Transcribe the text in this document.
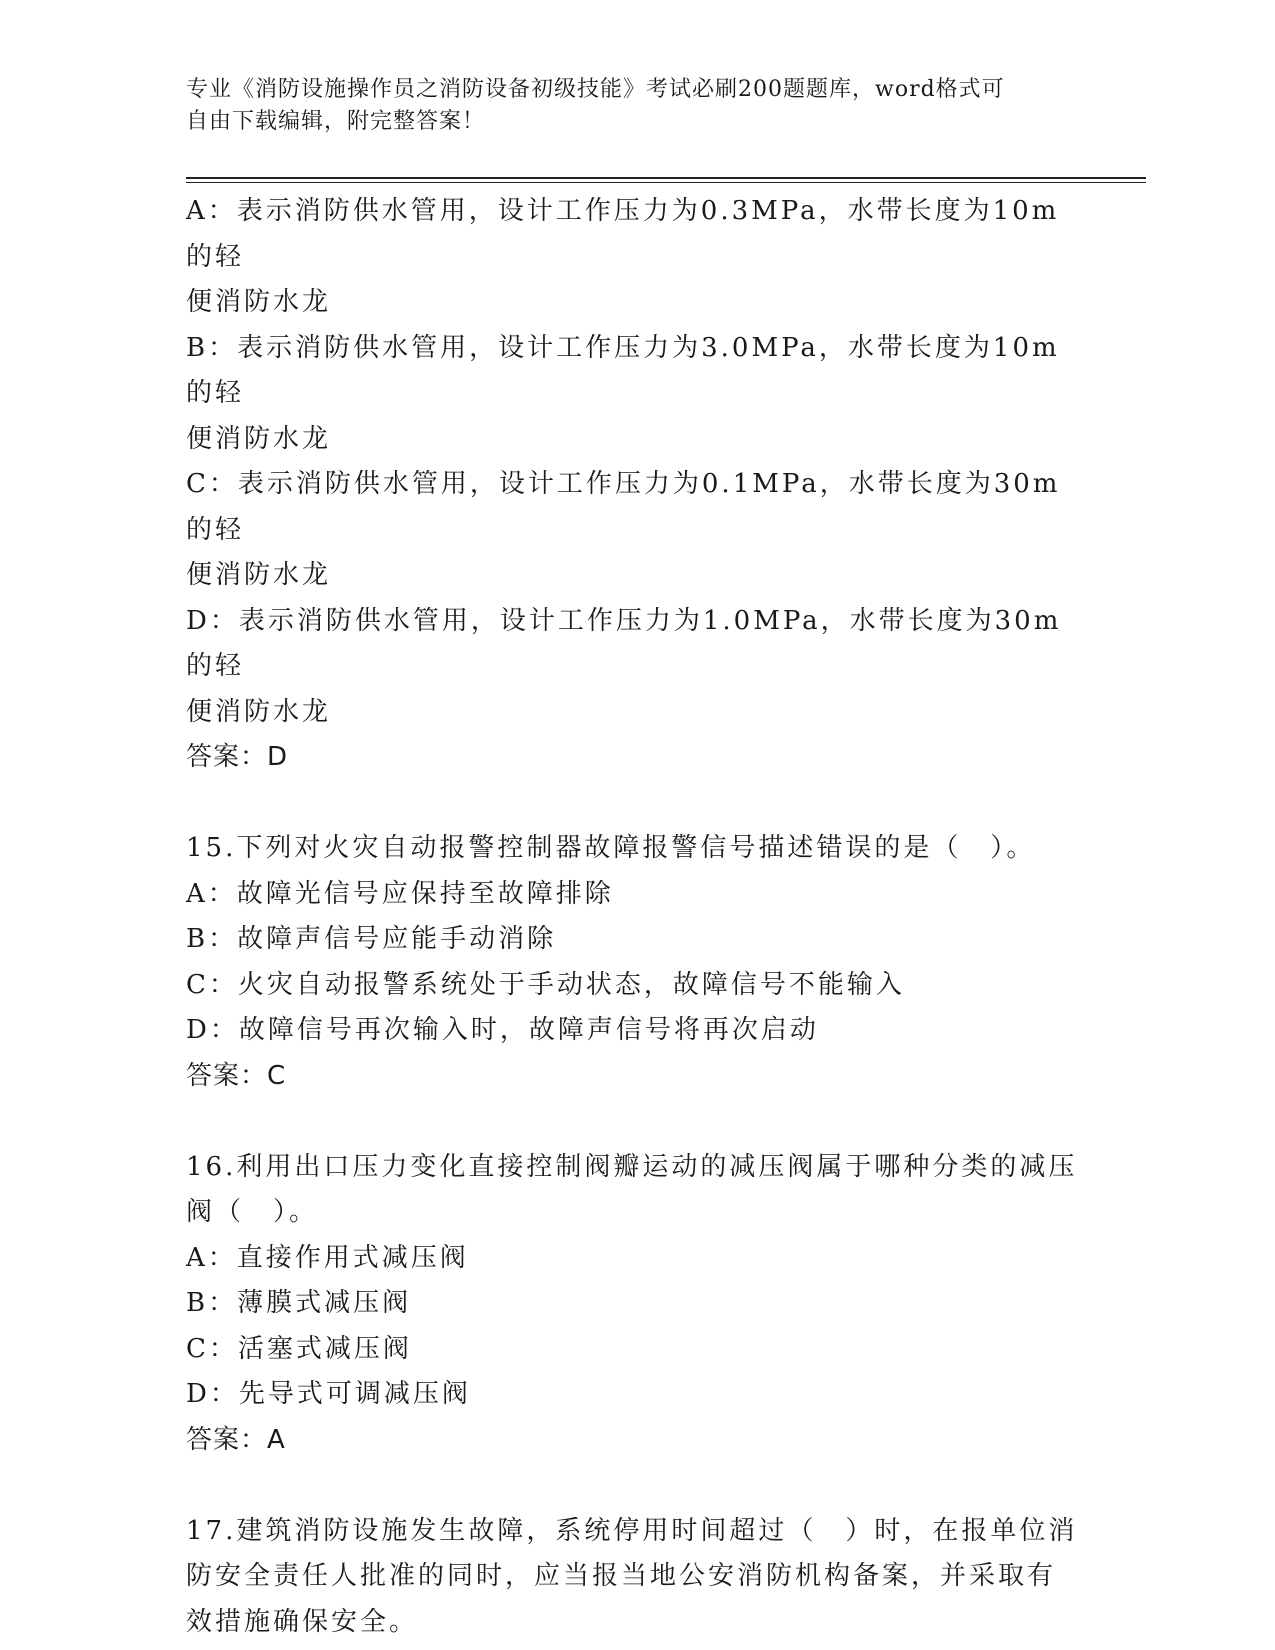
专业《消防设施操作员之消防设备初级技能》考试必刷200题题库，word格式可
自由下载编辑，附完整答案！

A：表示消防供水管用，设计工作压力为0.3MPa，水带长度为10m的轻

便消防水龙

B：表示消防供水管用，设计工作压力为3.0MPa，水带长度为10m的轻

便消防水龙

C：表示消防供水管用，设计工作压力为0.1MPa，水带长度为30m的轻

便消防水龙

D：表示消防供水管用，设计工作压力为1.0MPa，水带长度为30m的轻

便消防水龙

答案：D

15.下列对火灾自动报警控制器故障报警信号描述错误的是（　）。

A：故障光信号应保持至故障排除

B：故障声信号应能手动消除

C：火灾自动报警系统处于手动状态，故障信号不能输入

D：故障信号再次输入时，故障声信号将再次启动

答案：C

16.利用出口压力变化直接控制阀瓣运动的减压阀属于哪种分类的减压

阀（　）。

A：直接作用式减压阀

B：薄膜式减压阀

C：活塞式减压阀

D：先导式可调减压阀

答案：A

17.建筑消防设施发生故障，系统停用时间超过（　）时，在报单位消

防安全责任人批准的同时，应当报当地公安消防机构备案，并采取有

效措施确保安全。
